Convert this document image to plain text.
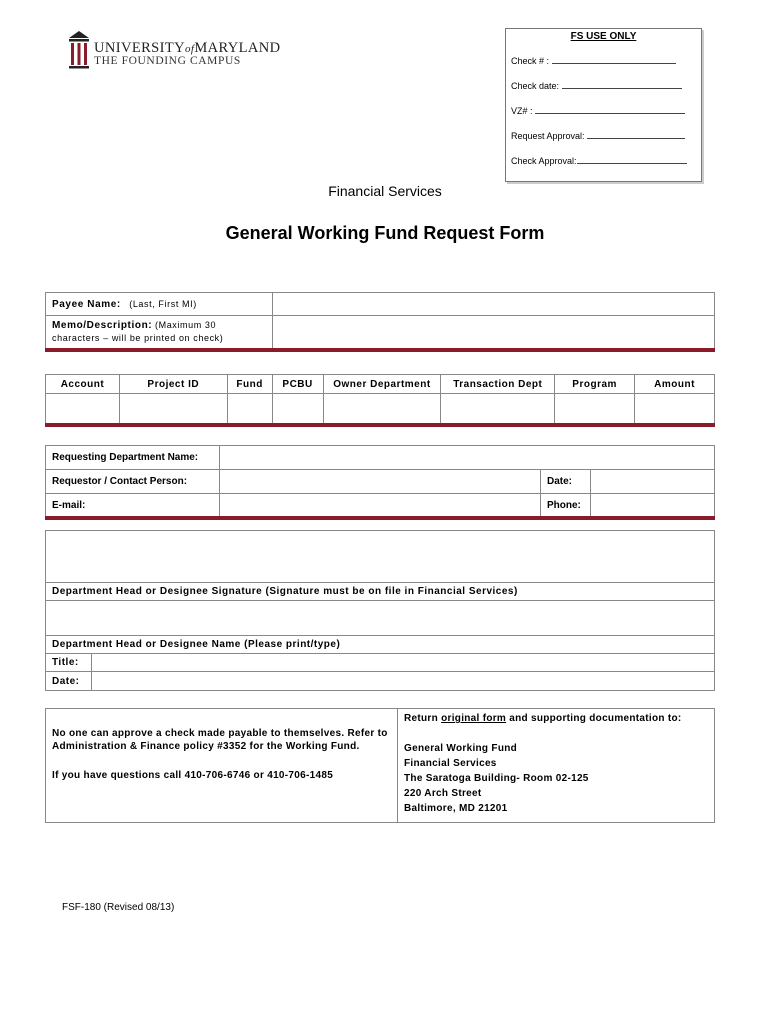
UNIVERSITYofMARYLAND
THE FOUNDING CAMPUS
FS USE ONLY
Check # :
Check date:
VZ# :
Request Approval:
Check Approval:
Financial Services
General Working Fund Request Form
Payee Name: (Last, First MI)	
Memo/Description: (Maximum 30 characters – will be printed on check)	
Account	Project ID	Fund	PCBU	Owner Department	Transaction Dept	Program	Amount

Requesting Department Name:			
Requestor / Contact Person:		Date:	
E-mail:		Phone:	

Department Head or Designee Signature (Signature must be on file in Financial Services)	

Department Head or Designee Name (Please print/type)	
Title:	
Date:	
No one can approve a check made payable to themselves. Refer to Administration & Finance policy #3352 for the Working Fund.
If you have questions call 410-706-6746 or 410-706-1485

Return original form and supporting documentation to:
General Working Fund
Financial Services
The Saratoga Building- Room 02-125
220 Arch Street
Baltimore, MD 21201
FSF-180 (Revised 08/13)
